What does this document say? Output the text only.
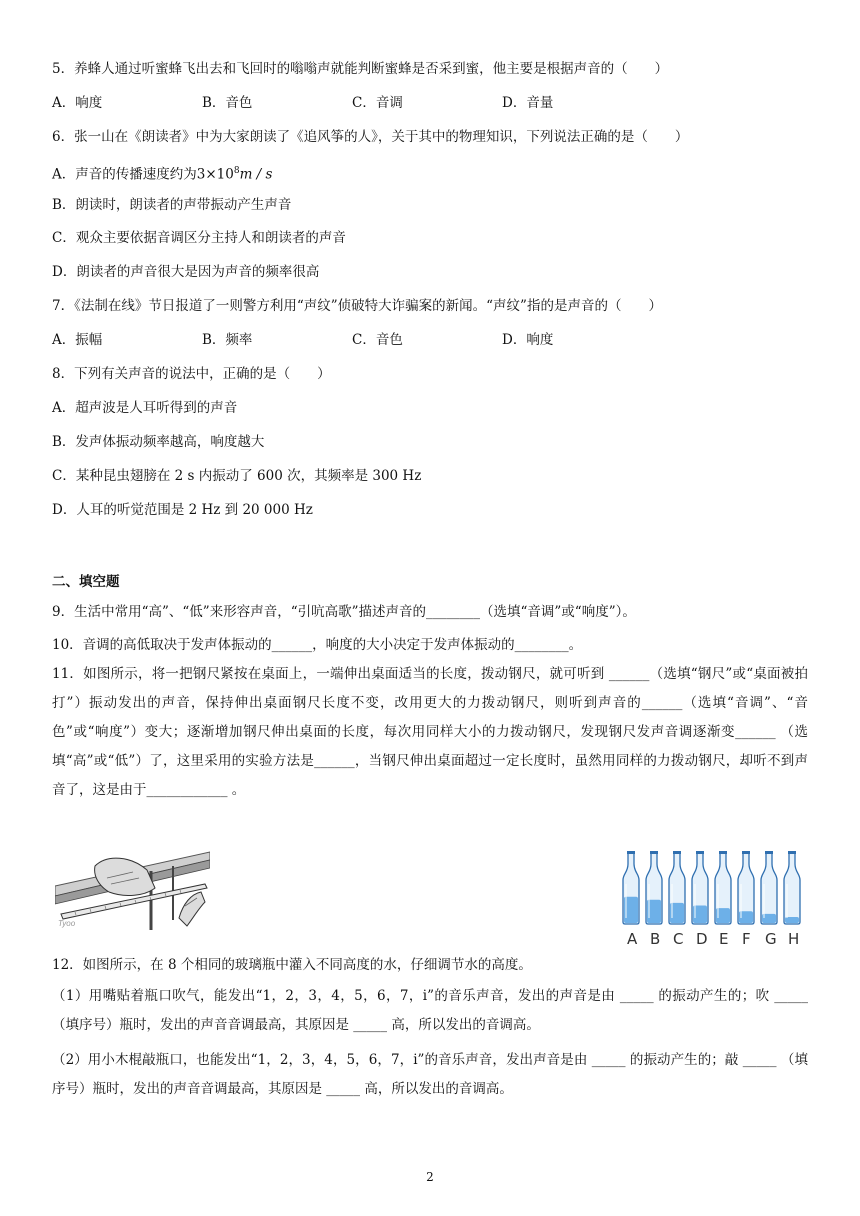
5．养蜂人通过听蜜蜂飞出去和飞回时的嗡嗡声就能判断蜜蜂是否采到蜜，他主要是根据声音的（　　）
A．响度	B．音色	C．音调	D．音量
6．张一山在《朗读者》中为大家朗读了《追风筝的人》，关于其中的物理知识，下列说法正确的是（　　）
A．声音的传播速度约为$3\times 10^8m / s$
B．朗读时，朗读者的声带振动产生声音
C．观众主要依据音调区分主持人和朗读者的声音
D．朗读者的声音很大是因为声音的频率很高
7．《法制在线》节日报道了一则警方利用“声纹”侦破特大诈骗案的新闻。“声纹”指的是声音的（　　）
A．振幅	B．频率	C．音色	D．响度
8．下列有关声音的说法中，正确的是（　　）
A．超声波是人耳听得到的声音
B．发声体振动频率越高，响度越大
C．某种昆虫翅膀在 2 s 内振动了 600 次，其频率是 300 Hz
D．人耳的听觉范围是 2 Hz 到 20 000 Hz
二、填空题
9．生活中常用“高”、“低”来形容声音，“引吭高歌”描述声音的________（选填“音调”或“响度”）。
10．音调的高低取决于发声体振动的______，响度的大小决定于发声体振动的________。
11．如图所示，将一把钢尺紧按在桌面上，一端伸出桌面适当的长度，拨动钢尺，就可听到 ______（选填“钢尺”或“桌面被拍打”）振动发出的声音，保持伸出桌面钢尺长度不变，改用更大的力拨动钢尺，则听到声音的______（选填“音调”、“音色”或“响度”）变大；逐渐增加钢尺伸出桌面的长度，每次用同样大小的力拨动钢尺，发现钢尺发声音调逐渐变______ （选填“高”或“低”）了，这里采用的实验方法是______，当钢尺伸出桌面超过一定长度时，虽然用同样的力拨动钢尺，却听不到声音了，这是由于____________ 。
Tyoo
A B C D E F G H
12．如图所示，在 8 个相同的玻璃瓶中灌入不同高度的水，仔细调节水的高度。
（1）用嘴贴着瓶口吹气，能发出“1，2，3，4，5，6，7，i”的音乐声音，发出的声音是由 _____ 的振动产生的；吹 _____ （填序号）瓶时，发出的声音音调最高，其原因是 _____ 高，所以发出的音调高。
（2）用小木棍敲瓶口，也能发出“1，2，3，4，5，6，7，i”的音乐声音，发出声音是由 _____ 的振动产生的；敲 _____ （填序号）瓶时，发出的声音音调最高，其原因是 _____ 高，所以发出的音调高。
2
